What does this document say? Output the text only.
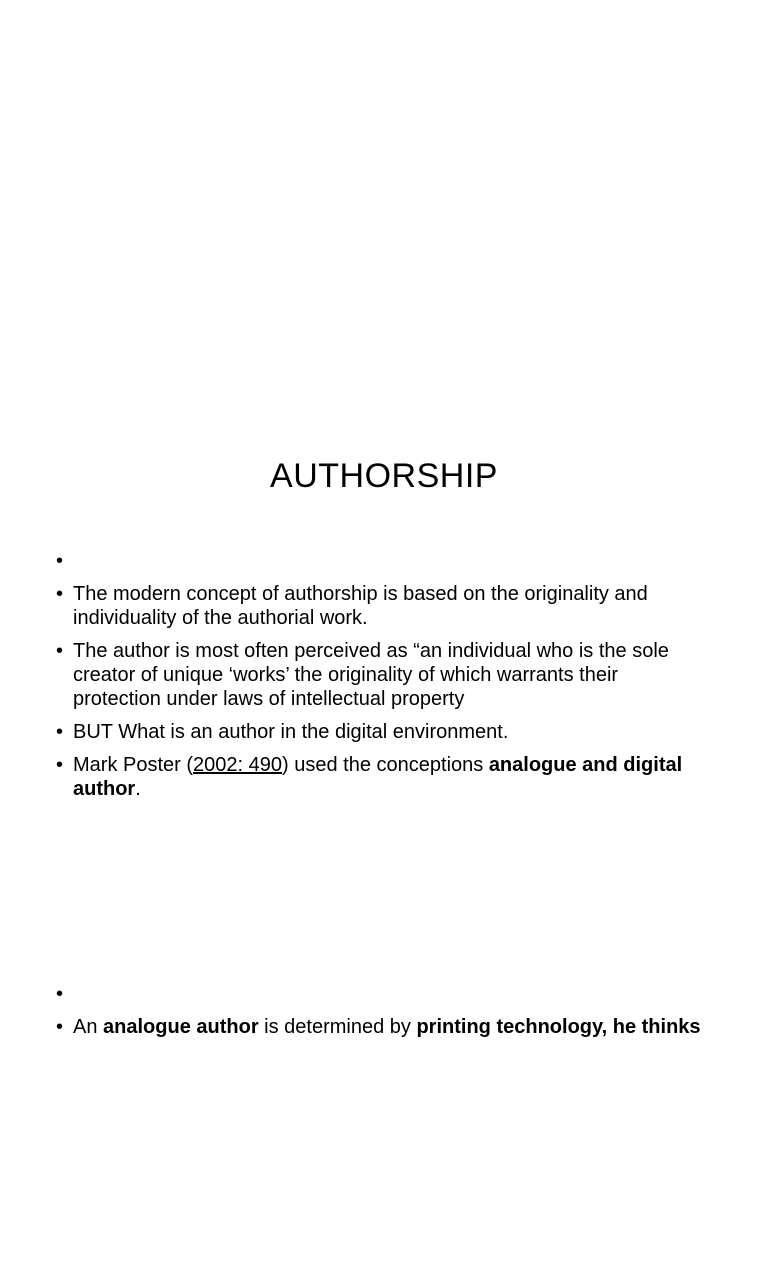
AUTHORSHIP
•
• The modern concept of authorship is based on the originality and individuality of the authorial work.
• The author is most often perceived as “an individual who is the sole creator of unique ‘works’ the originality of which warrants their protection under laws of intellectual property
• BUT What is an author in the digital environment.
• Mark Poster (2002: 490) used the conceptions analogue and digital author.
•
• An analogue author is determined by printing technology, he thinks
